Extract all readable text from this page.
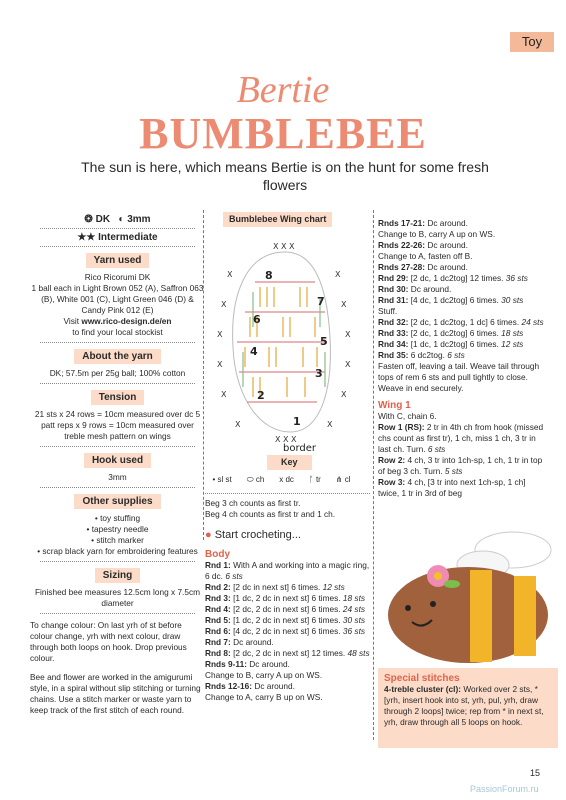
Toy
Bertie
BUMBLEBEE
The sun is here, which means Bertie is on the hunt for some fresh flowers
❂ DK ◐ 3mm
★★ Intermediate
Yarn used
Rico Ricorumi DK
1 ball each in Light Brown 052 (A), Saffron 063 (B), White 001 (C), Light Green 046 (D) & Candy Pink 012 (E)
Visit www.rico-design.de/en
to find your local stockist
About the yarn
DK; 57.5m per 25g ball; 100% cotton
Tension
21 sts x 24 rows = 10cm measured over dc 5 patt reps x 9 rows = 10cm measured over treble mesh pattern on wings
Hook used
3mm
Other supplies
• toy stuffing
• tapestry needle
• stitch marker
• scrap black yarn for embroidering features
Sizing
Finished bee measures 12.5cm long x 7.5cm diameter
To change colour: On last yrh of st before colour change, yrh with next colour, draw through both loops on hook. Drop previous colour.
Bee and flower are worked in the amigurumi style, in a spiral without slip stitching or turning chains. Use a stitch marker or waste yarn to keep track of the first stitch of each round.
Bumblebee Wing chart
X X X
X	X
X	X
X	X
X	X
X	X
X	X
X X X
1
2
3
4
5
6
7
8
border
Key
• sl st ⬭ ch x dc ᚪ tr ⋔ cl
Beg 3 ch counts as first tr.
Beg 4 ch counts as first tr and 1 ch.
● Start crocheting...
Body
Rnd 1: With A and working into a magic ring, 6 dc. 6 sts
Rnd 2: [2 dc in next st] 6 times. 12 sts
Rnd 3: [1 dc, 2 dc in next st] 6 times. 18 sts
Rnd 4: [2 dc, 2 dc in next st] 6 times. 24 sts
Rnd 5: [1 dc, 2 dc in next st] 6 times. 30 sts
Rnd 6: [4 dc, 2 dc in next st] 6 times. 36 sts
Rnd 7: Dc around.
Rnd 8: [2 dc, 2 dc in next st] 12 times. 48 sts
Rnds 9-11: Dc around.
Change to B, carry A up on WS.
Rnds 12-16: Dc around.
Change to A, carry B up on WS.
Rnds 17-21: Dc around.
Change to B, carry A up on WS.
Rnds 22-26: Dc around.
Change to A, fasten off B.
Rnds 27-28: Dc around.
Rnd 29: [2 dc, 1 dc2tog] 12 times. 36 sts
Rnd 30: Dc around.
Rnd 31: [4 dc, 1 dc2tog] 6 times. 30 sts
Stuff.
Rnd 32: [2 dc, 1 dc2tog, 1 dc] 6 times. 24 sts
Rnd 33: [2 dc, 1 dc2tog] 6 times. 18 sts
Rnd 34: [1 dc, 1 dc2tog] 6 times. 12 sts
Rnd 35: 6 dc2tog. 6 sts
Fasten off, leaving a tail. Weave tail through tops of rem 6 sts and pull tightly to close. Weave in end securely.
Wing 1
With C, chain 6.
Row 1 (RS): 2 tr in 4th ch from hook (missed chs count as first tr), 1 ch, miss 1 ch, 3 tr in last ch. Turn. 6 sts
Row 2: 4 ch, 3 tr into 1ch-sp, 1 ch, 1 tr in top of beg 3 ch. Turn. 5 sts
Row 3: 4 ch, [3 tr into next 1ch-sp, 1 ch] twice, 1 tr in 3rd of beg
Special stitches
4-treble cluster (cl): Worked over 2 sts, *[yrh, insert hook into st, yrh, pul, yrh, draw through 2 loops] twice; rep from * in next st, yrh, draw through all 5 loops on hook.
15
PassionForum.ru
